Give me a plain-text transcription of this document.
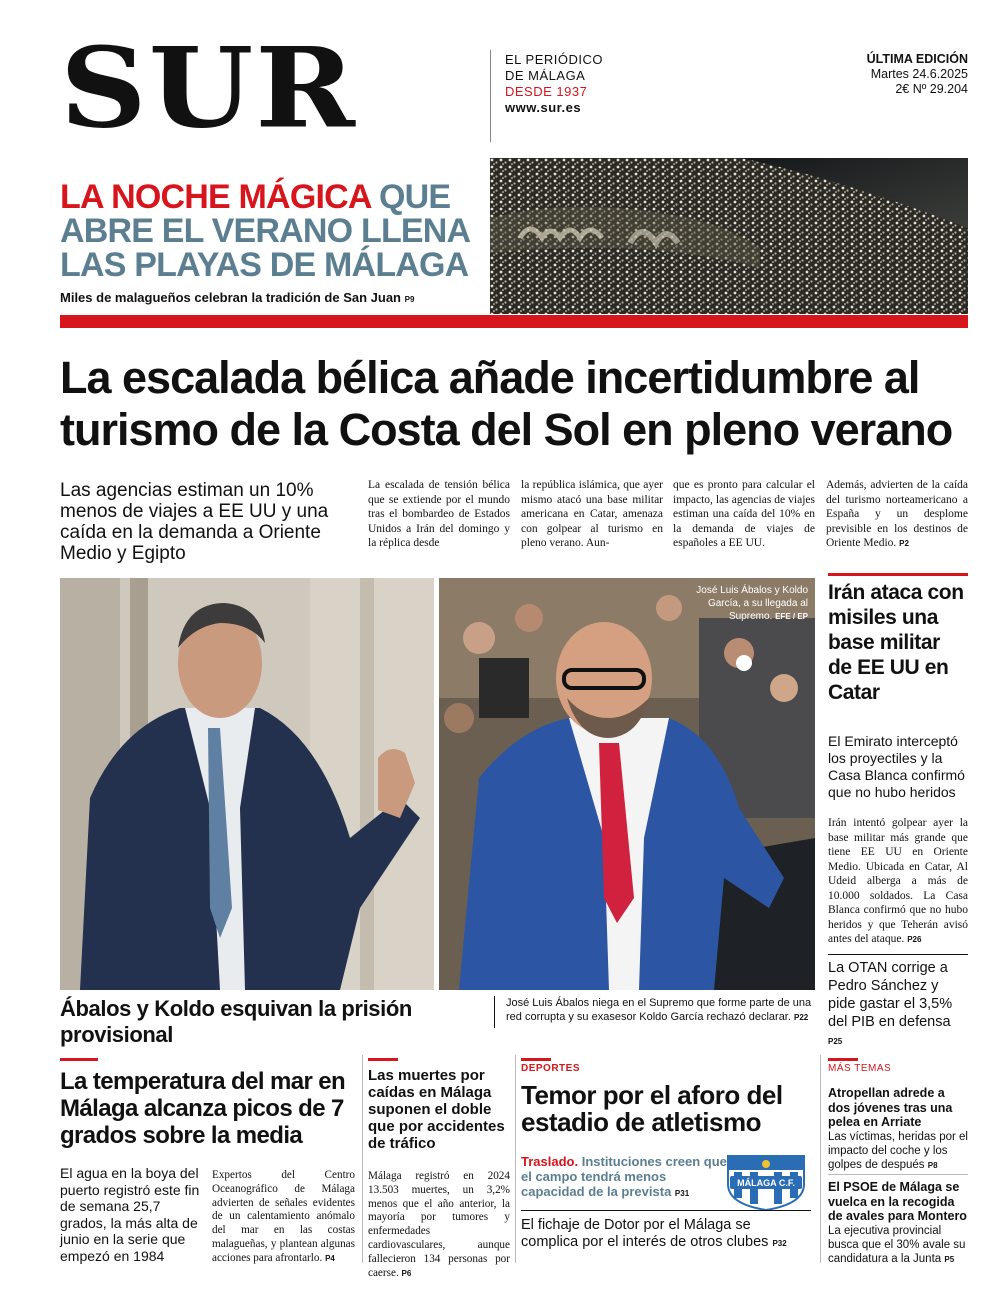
SUR	EL PERIÓDICO
DE MÁLAGA
DESDE 1937
www.sur.es
ÚLTIMA EDICIÓN
Martes 24.6.2025
2€ Nº 29.204
LA NOCHE MÁGICA QUE ABRE EL VERANO LLENA LAS PLAYAS DE MÁLAGA
Miles de malagueños celebran la tradición de San Juan P9
La escalada bélica añade incertidumbre al turismo de la Costa del Sol en pleno verano
Las agencias estiman un 10% menos de viajes a EE UU y una caída en la demanda a Oriente Medio y Egipto
La escalada de tensión bélica que se extiende por el mundo tras el bombardeo de Estados Unidos a Irán del domingo y la réplica desde
la república islámica, que ayer mismo atacó una base militar americana en Catar, amenaza con golpear al turismo en pleno verano. Aun-
que es pronto para calcular el impacto, las agencias de viajes estiman una caída del 10% en la demanda de viajes de españoles a EE UU.
Además, advierten de la caída del turismo norteamericano a España y un desplome previsible en los destinos de Oriente Medio. P2
José Luis Ábalos y Koldo García, a su llegada al Supremo. EFE / EP
Ábalos y Koldo esquivan la prisión provisional
José Luis Ábalos niega en el Supremo que forme parte de una red corrupta y su exasesor Koldo García rechazó declarar. P22
Irán ataca con misiles una base militar de EE UU en Catar
El Emirato interceptó los proyectiles y la Casa Blanca confirmó que no hubo heridos
Irán intentó golpear ayer la base militar más grande que tiene EE UU en Oriente Medio. Ubicada en Catar, Al Udeid alberga a más de 10.000 soldados. La Casa Blanca confirmó que no hubo heridos y que Teherán avisó antes del ataque. P26
La OTAN corrige a Pedro Sánchez y pide gastar el 3,5% del PIB en defensa P25
La temperatura del mar en Málaga alcanza picos de 7 grados sobre la media
El agua en la boya del puerto registró este fin de semana 25,7 grados, la más alta de junio en la serie que empezó en 1984
Expertos del Centro Oceanográfico de Málaga advierten de señales evidentes de un calentamiento anómalo del mar en las costas malagueñas, y plantean algunas acciones para afrontarlo. P4
Las muertes por caídas en Málaga suponen el doble que por accidentes de tráfico
Málaga registró en 2024 13.503 muertes, un 3,2% menos que el año anterior, la mayoría por tumores y enfermedades cardiovasculares, aunque fallecieron 134 personas por caerse. P6
DEPORTES
Temor por el aforo del estadio de atletismo
Traslado. Instituciones creen que el campo tendrá menos capacidad de la prevista P31
MÁLAGA C.F.
El fichaje de Dotor por el Málaga se complica por el interés de otros clubes P32
MÁS TEMAS
Atropellan adrede a dos jóvenes tras una pelea en Arriate
Las víctimas, heridas por el impacto del coche y los golpes de después P8
El PSOE de Málaga se vuelca en la recogida de avales para Montero
La ejecutiva provincial busca que el 30% avale su candidatura a la Junta P5
